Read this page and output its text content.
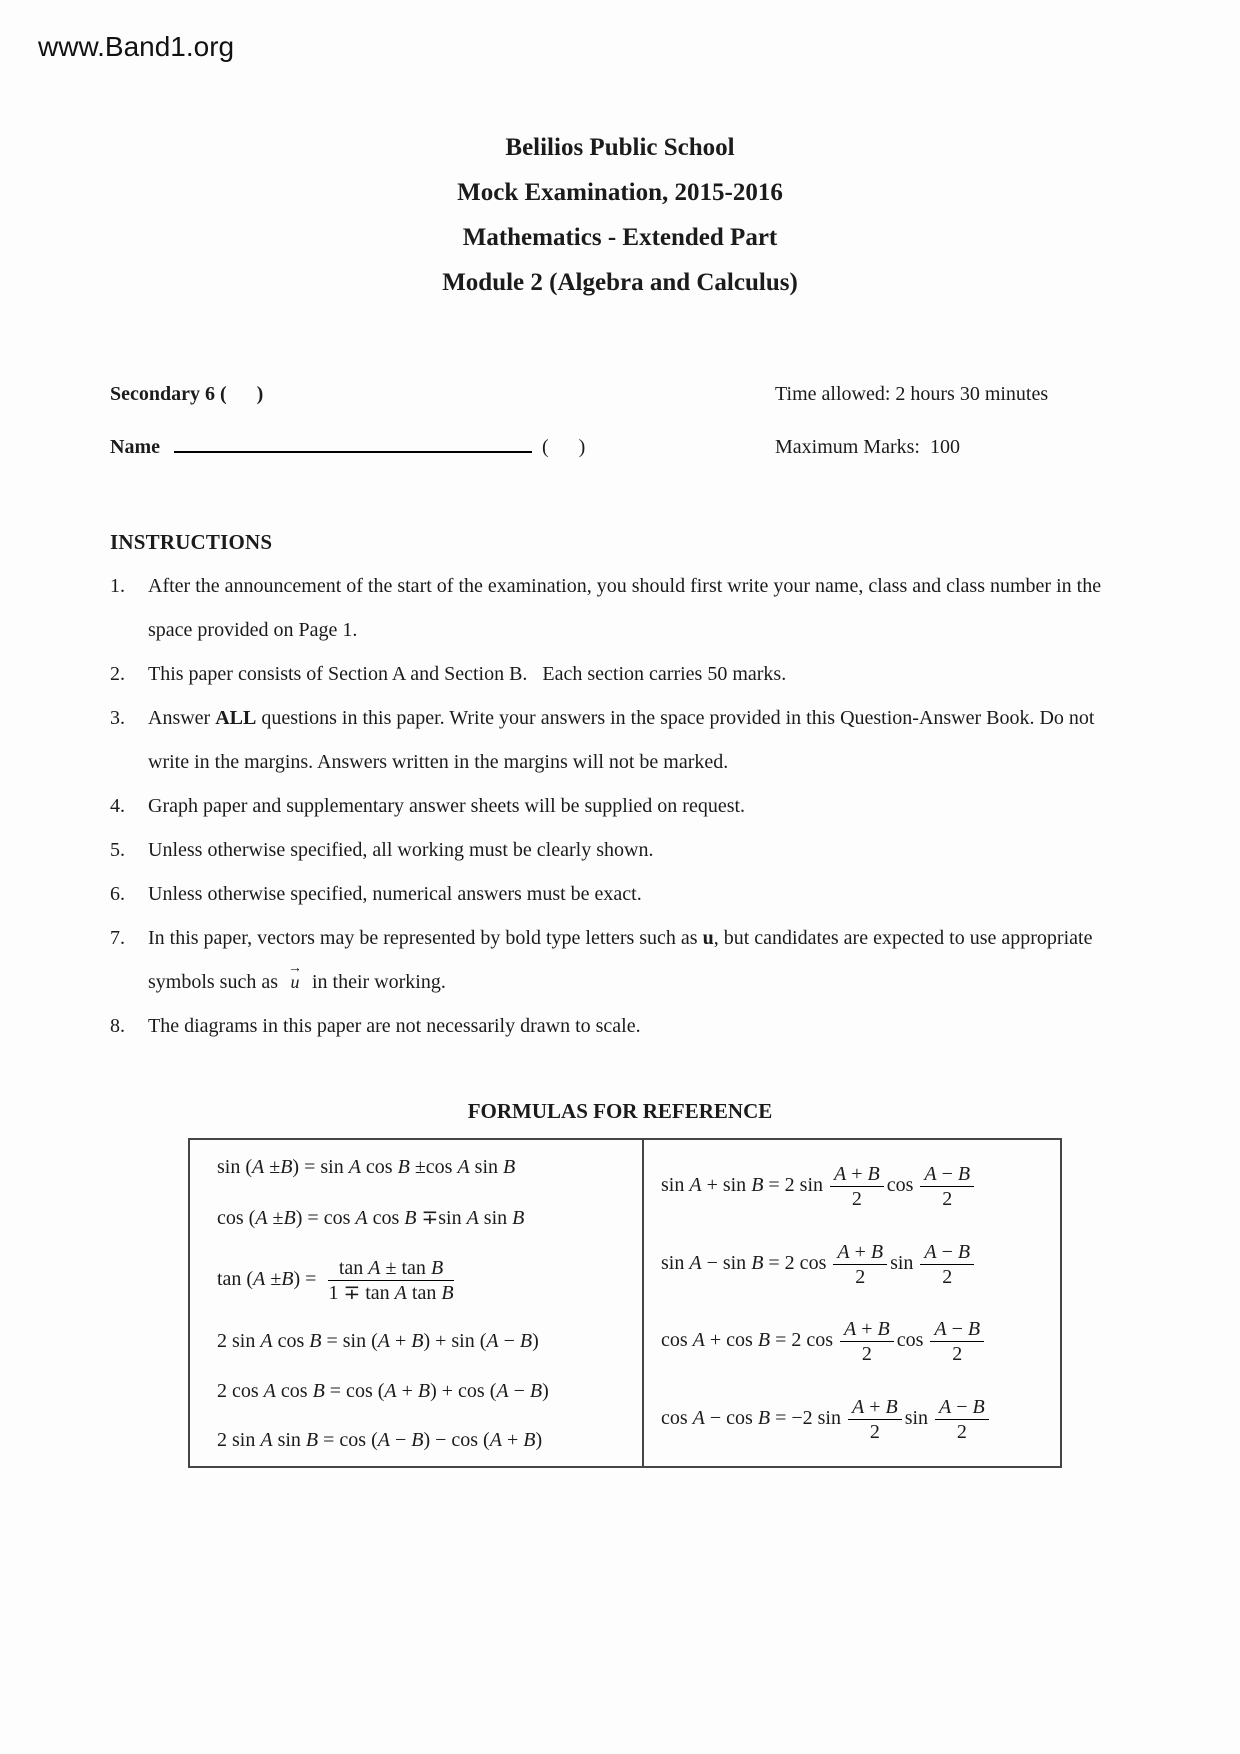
www.Band1.org
Belilios Public School
Mock Examination, 2015-2016
Mathematics - Extended Part
Module 2 (Algebra and Calculus)
Secondary 6 (      )	Time allowed: 2 hours 30 minutes
Name	(      )	Maximum Marks:  100
INSTRUCTIONS
1.	After the announcement of the start of the examination, you should first write your name, class and class number in the space provided on Page 1.
2.	This paper consists of Section A and Section B.   Each section carries 50 marks.
3.	Answer ALL questions in this paper. Write your answers in the space provided in this Question-Answer Book. Do not write in the margins. Answers written in the margins will not be marked.
4.	Graph paper and supplementary answer sheets will be supplied on request.
5.	Unless otherwise specified, all working must be clearly shown.
6.	Unless otherwise specified, numerical answers must be exact.
7.	In this paper, vectors may be represented by bold type letters such as u, but candidates are expected to use appropriate symbols such as
→
u in their working.
8.	The diagrams in this paper are not necessarily drawn to scale.
FORMULAS FOR REFERENCE
sin (A ±B) = sin A cos B ±cos A sin B
cos (A ±B) = cos A cos B ∓sin A sin B
$\tan (A \pm B) = \frac{\text{tan A ± tan B}}{\text{1 ∓ tan A tan B}}$
2 sin A cos B = sin (A + B) + sin (A − B)
2 cos A cos B = cos (A + B) + cos (A − B)
2 sin A sin B = cos (A − B) − cos (A + B)
sin A + sin B = 2 $\sin \frac{A + B}{2}$ $\cos \frac{A - B}{2}$
sin A − sin B = 2 $\cos \frac{A + B}{2}$ $\sin \frac{A - B}{2}$
cos A + cos B = 2 $\cos \frac{A + B}{2}$ $\cos \frac{A - B}{2}$
cos A − cos B = −2 $\sin \frac{A + B}{2}$ $\sin \frac{A - B}{2}$
